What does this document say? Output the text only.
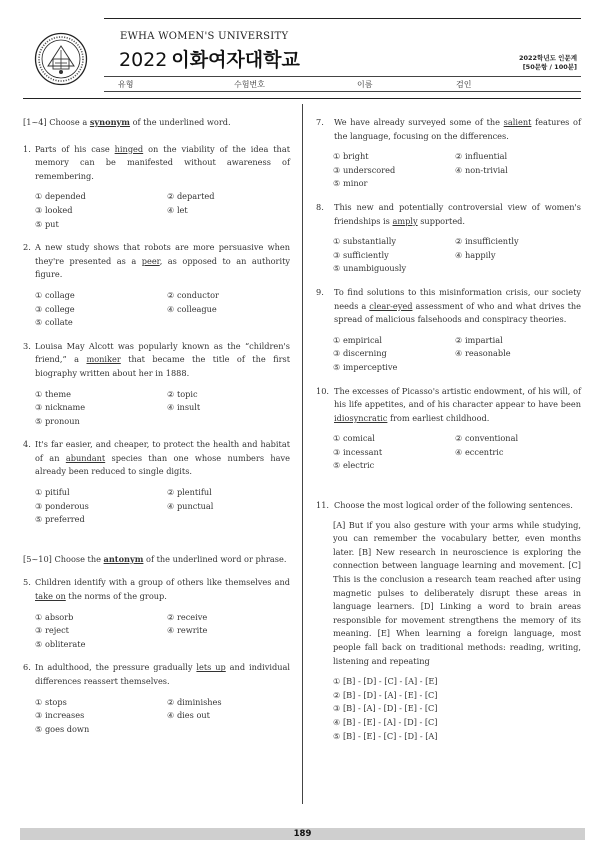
EWHA WOMEN'S UNIVERSITY
2022 이화여자대학교	2022학년도 인문계
[50문항 / 100분]
유형	수험번호	이름	검인
[1~4] Choose a synonym of the underlined word.
1. Parts of his case hinged on the viability of the idea that memory can be manifested without awareness of remembering.
① depended	② departed
③ looked	④ let
⑤ put
2. A new study shows that robots are more persuasive when they're presented as a peer, as opposed to an authority figure.
① collage	② conductor
③ college	④ colleague
⑤ collate
3. Louisa May Alcott was popularly known as the “children's friend,” a moniker that became the title of the first biography written about her in 1888.
① theme	② topic
③ nickname	④ insult
⑤ pronoun
4. It's far easier, and cheaper, to protect the health and habitat of an abundant species than one whose numbers have already been reduced to single digits.
① pitiful	② plentiful
③ ponderous	④ punctual
⑤ preferred
[5~10] Choose the antonym of the underlined word or phrase.
5. Children identify with a group of others like themselves and take on the norms of the group.
① absorb	② receive
③ reject	④ rewrite
⑤ obliterate
6. In adulthood, the pressure gradually lets up and individual differences reassert themselves.
① stops	② diminishes
③ increases	④ dies out
⑤ goes down
7.	We have already surveyed some of the salient features of the language, focusing on the differences.
① bright	② influential
③ underscored	④ non-trivial
⑤ minor
8.	This new and potentially controversial view of women's friendships is amply supported.
① substantially	② insufficiently
③ sufficiently	④ happily
⑤ unambiguously
9.	To find solutions to this misinformation crisis, our society needs a clear-eyed assessment of who and what drives the spread of malicious falsehoods and conspiracy theories.
① empirical	② impartial
③ discerning	④ reasonable
⑤ imperceptive
10. The excesses of Picasso's artistic endowment, of his will, of his life appetites, and of his character appear to have been idiosyncratic from earliest childhood.
① comical	② conventional
③ incessant	④ eccentric
⑤ electric
11. Choose the most logical order of the following sentences.
[A] But if you also gesture with your arms while studying, you can remember the vocabulary better, even months later. [B] New research in neuroscience is exploring the connection between language learning and movement. [C] This is the conclusion a research team reached after using magnetic pulses to deliberately disrupt these areas in language learners. [D] Linking a word to brain areas responsible for movement strengthens the memory of its meaning. [E] When learning a foreign language, most people fall back on traditional methods: reading, writing, listening and repeating
① [B] - [D] - [C] - [A] - [E]
② [B] - [D] - [A] - [E] - [C]
③ [B] - [A] - [D] - [E] - [C]
④ [B] - [E] - [A] - [D] - [C]
⑤ [B] - [E] - [C] - [D] - [A]
189
